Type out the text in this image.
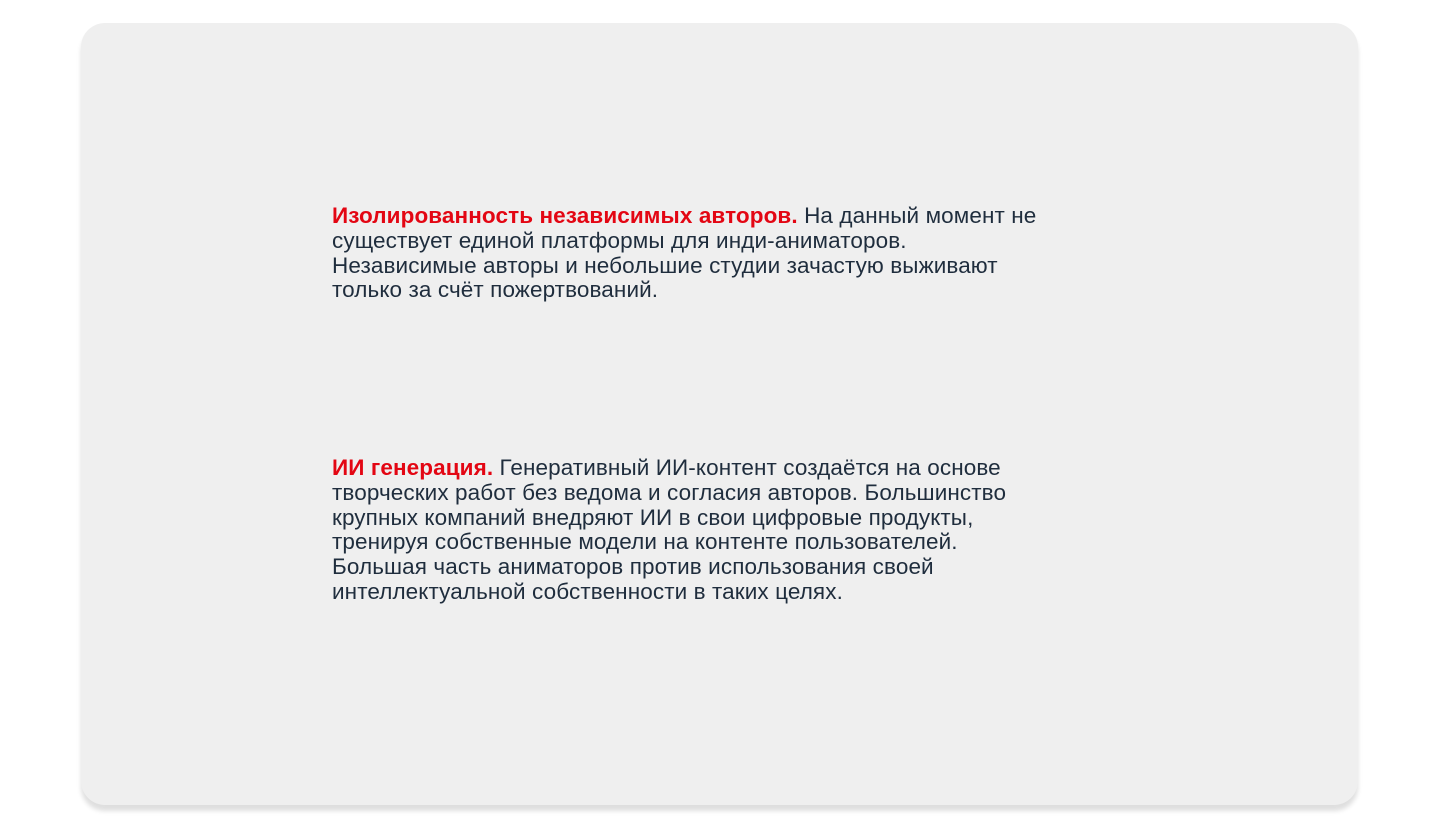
Изолированность независимых авторов. На данный момент не
существует единой платформы для инди-аниматоров.
Независимые авторы и небольшие студии зачастую выживают
только за счёт пожертвований.

ИИ генерация. Генеративный ИИ-контент создаётся на основе
творческих работ без ведома и согласия авторов. Большинство
крупных компаний внедряют ИИ в свои цифровые продукты,
тренируя собственные модели на контенте пользователей.
Большая часть аниматоров против использования своей
интеллектуальной собственности в таких целях.
